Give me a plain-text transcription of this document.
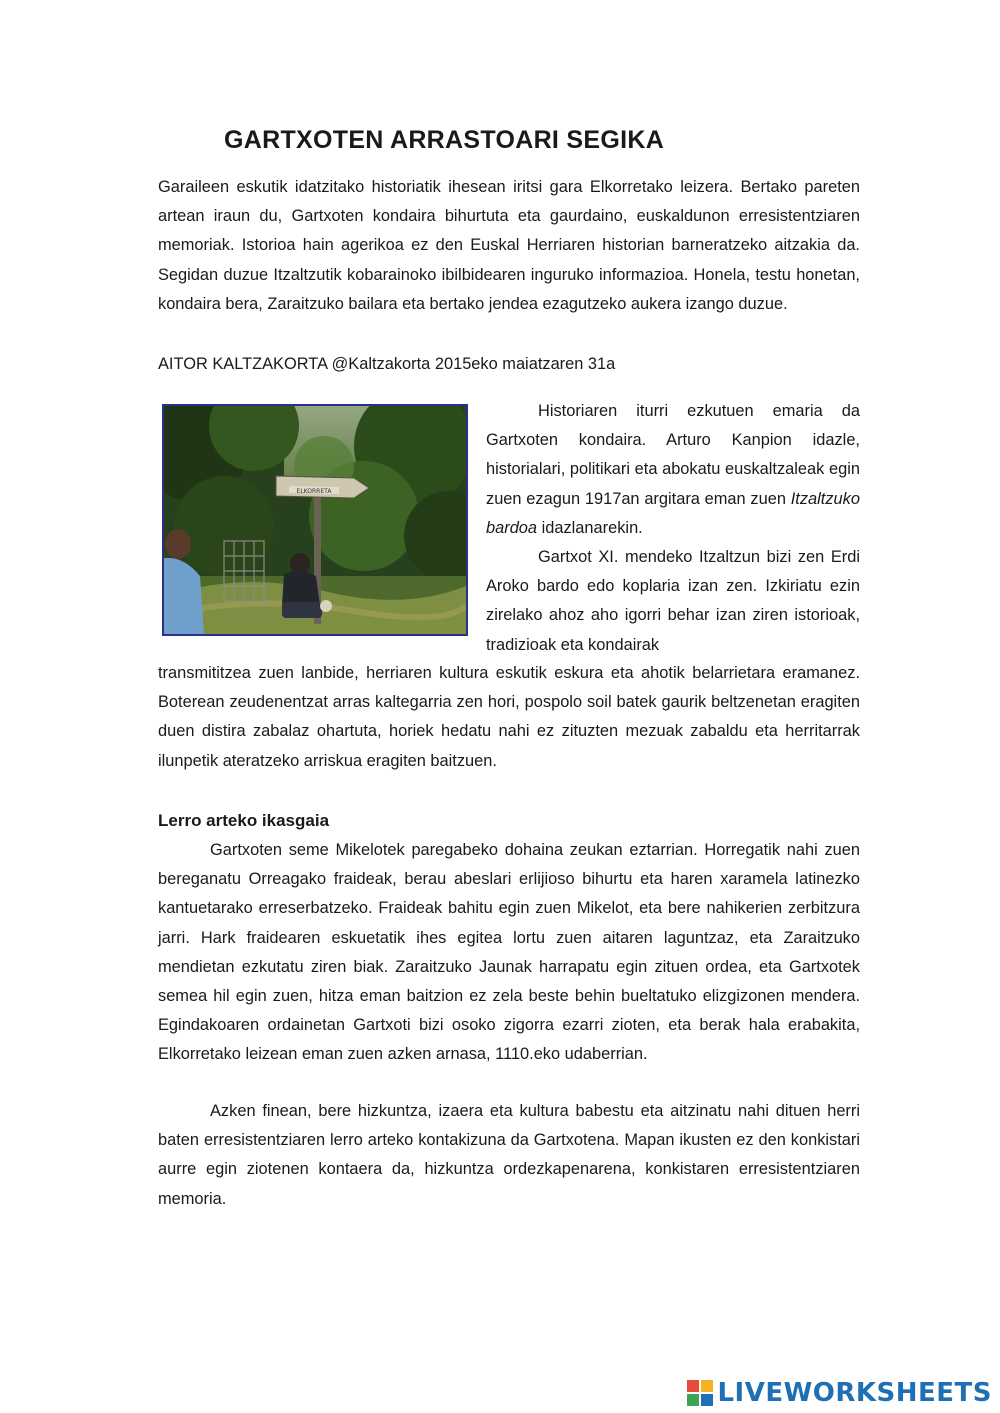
GARTXOTEN ARRASTOARI SEGIKA

Garaileen eskutik idatzitako historiatik ihesean iritsi gara Elkorretako leizera. Bertako pareten artean iraun du, Gartxoten kondaira bihurtuta eta gaurdaino, euskaldunon erresistentziaren memoriak. Istorioa hain agerikoa ez den Euskal Herriaren historian barneratzeko aitzakia da. Segidan duzue Itzaltzutik kobarainoko ibilbidearen inguruko informazioa. Honela, testu honetan, kondaira bera, Zaraitzuko bailara eta bertako jendea ezagutzeko aukera izango duzue.

AITOR KALTZAKORTA @Kaltzakorta 2015eko maiatzaren 31a
ELKORRETA

Historiaren iturri ezkutuen emaria da Gartxoten kondaira. Arturo Kanpion idazle, historialari, politikari eta abokatu euskaltzaleak egin zuen ezagun 1917an argitara eman zuen Itzaltzuko bardoa idazlanarekin.

Gartxot XI. mendeko Itzaltzun bizi zen Erdi Aroko bardo edo koplaria izan zen. Izkiriatu ezin zirelako ahoz aho igorri behar izan ziren istorioak, tradizioak eta kondairak

transmititzea zuen lanbide, herriaren kultura eskutik eskura eta ahotik belarrietara eramanez. Boterean zeudenentzat arras kaltegarria zen hori, pospolo soil batek gaurik beltzenetan eragiten duen distira zabalaz ohartuta, horiek hedatu nahi ez zituzten mezuak zabaldu eta herritarrak ilunpetik ateratzeko arriskua eragiten baitzuen.

Lerro arteko ikasgaia

Gartxoten seme Mikelotek paregabeko dohaina zeukan eztarrian. Horregatik nahi zuen bereganatu Orreagako fraideak, berau abeslari erlijioso bihurtu eta haren xaramela latinezko kantuetarako erreserbatzeko. Fraideak bahitu egin zuen Mikelot, eta bere nahikerien zerbitzura jarri. Hark fraidearen eskuetatik ihes egitea lortu zuen aitaren laguntzaz, eta Zaraitzuko mendietan ezkutatu ziren biak. Zaraitzuko Jaunak harrapatu egin zituen ordea, eta Gartxotek semea hil egin zuen, hitza eman baitzion ez zela beste behin bueltatuko elizgizonen mendera. Egindakoaren ordainetan Gartxoti bizi osoko zigorra ezarri zioten, eta berak hala erabakita, Elkorretako leizean eman zuen azken arnasa, 1110.eko udaberrian.

Azken finean, bere hizkuntza, izaera eta kultura babestu eta aitzinatu nahi dituen herri baten erresistentziaren lerro arteko kontakizuna da Gartxotena. Mapan ikusten ez den konkistari aurre egin ziotenen kontaera da, hizkuntza ordezkapenarena, konkistaren erresistentziaren memoria.

LIVEWORKSHEETS
